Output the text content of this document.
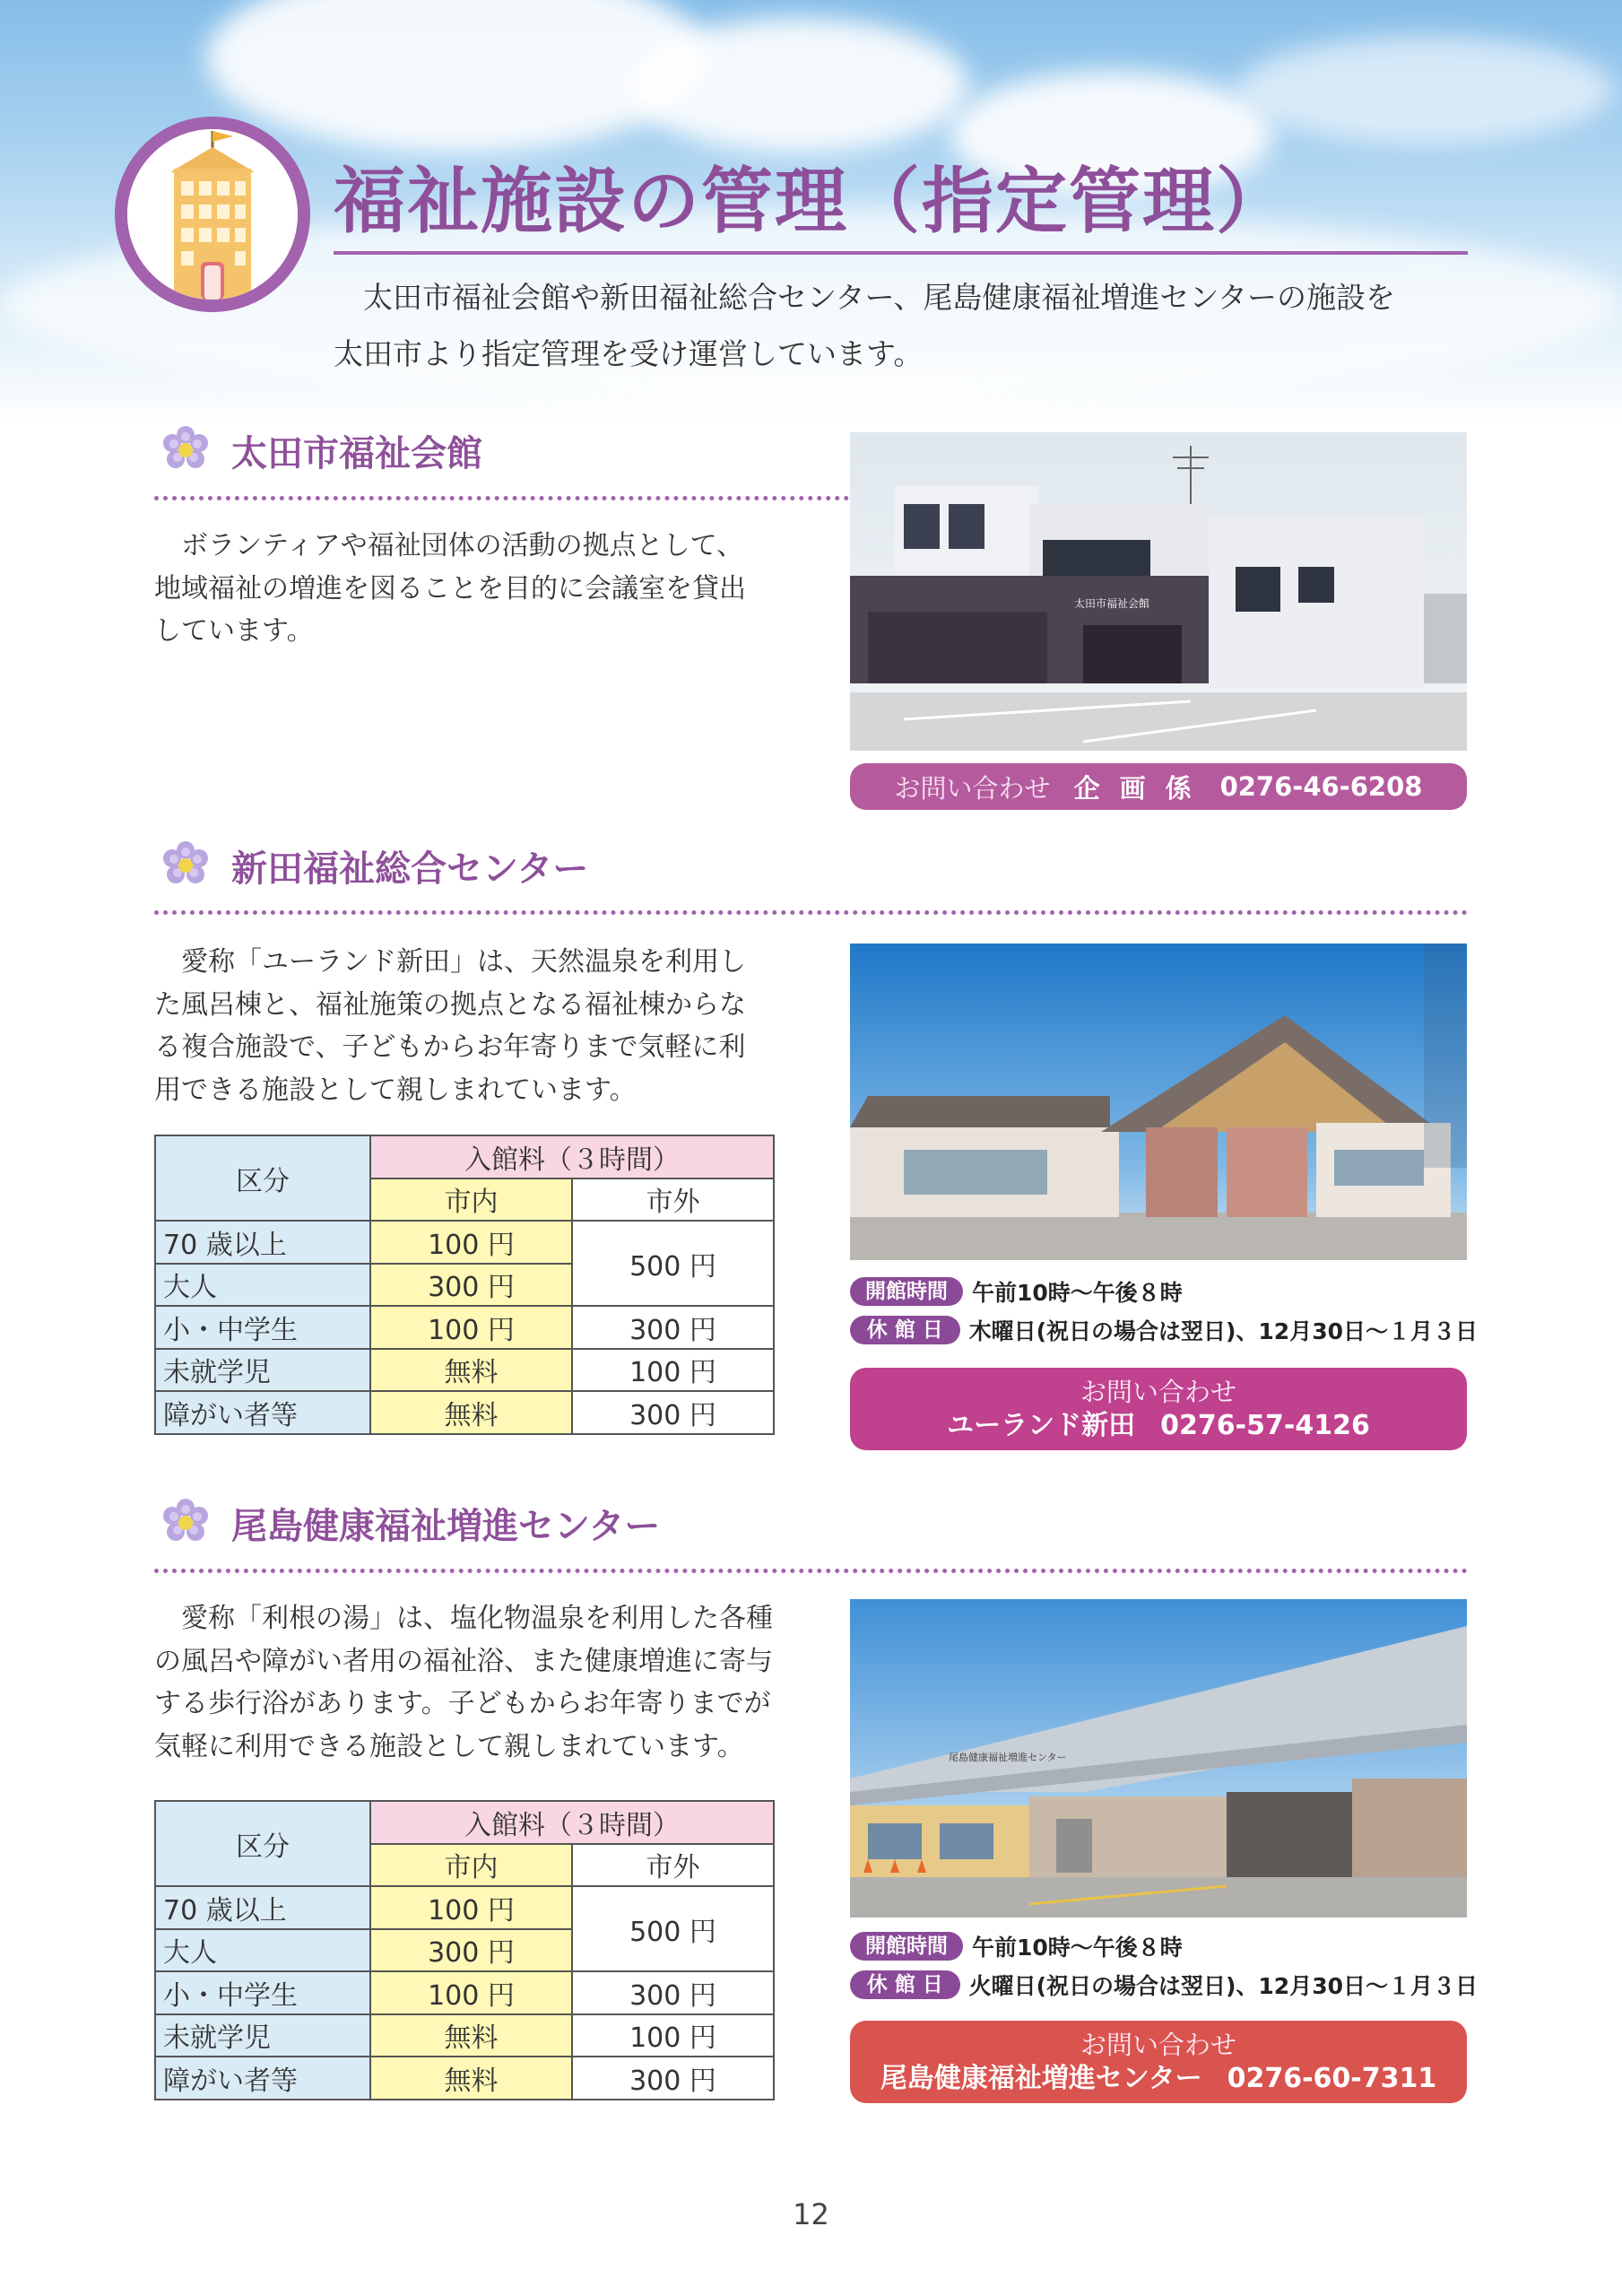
福祉施設の管理（指定管理）

太田市福祉会館や新田福祉総合センター、尾島健康福祉増進センターの施設を

太田市より指定管理を受け運営しています。

太田市福祉会館

ボランティアや福祉団体の活動の拠点として、

地域福祉の増進を図ることを目的に会議室を貸出

しています。

太田市福祉会館
お問い合わせ 企画係 0276-46-6208
新田福祉総合センター

愛称「ユーランド新田」は、天然温泉を利用し

た風呂棟と、福祉施策の拠点となる福祉棟からな

る複合施設で、子どもからお年寄りまで気軽に利

用できる施設として親しまれています。

区分	入館料（３時間）	
	市内	市外
70 歳以上	100 円	500 円
大人	300 円	
小・中学生	100 円	300 円
未就学児	無料	100 円
障がい者等	無料	300 円
開館時間	午前10時～午後８時
休 館 日	木曜日(祝日の場合は翌日)、12月30日～１月３日
お問い合わせ
ユーランド新田 0276-57-4126
尾島健康福祉増進センター

愛称「利根の湯」は、塩化物温泉を利用した各種

の風呂や障がい者用の福祉浴、また健康増進に寄与

する歩行浴があります。子どもからお年寄りまでが

気軽に利用できる施設として親しまれています。

区分	入館料（３時間）	
	市内	市外
70 歳以上	100 円	500 円
大人	300 円	
小・中学生	100 円	300 円
未就学児	無料	100 円
障がい者等	無料	300 円
尾島健康福祉増進センター
開館時間	午前10時～午後８時
休 館 日	火曜日(祝日の場合は翌日)、12月30日～１月３日
お問い合わせ
尾島健康福祉増進センター 0276-60-7311
12
